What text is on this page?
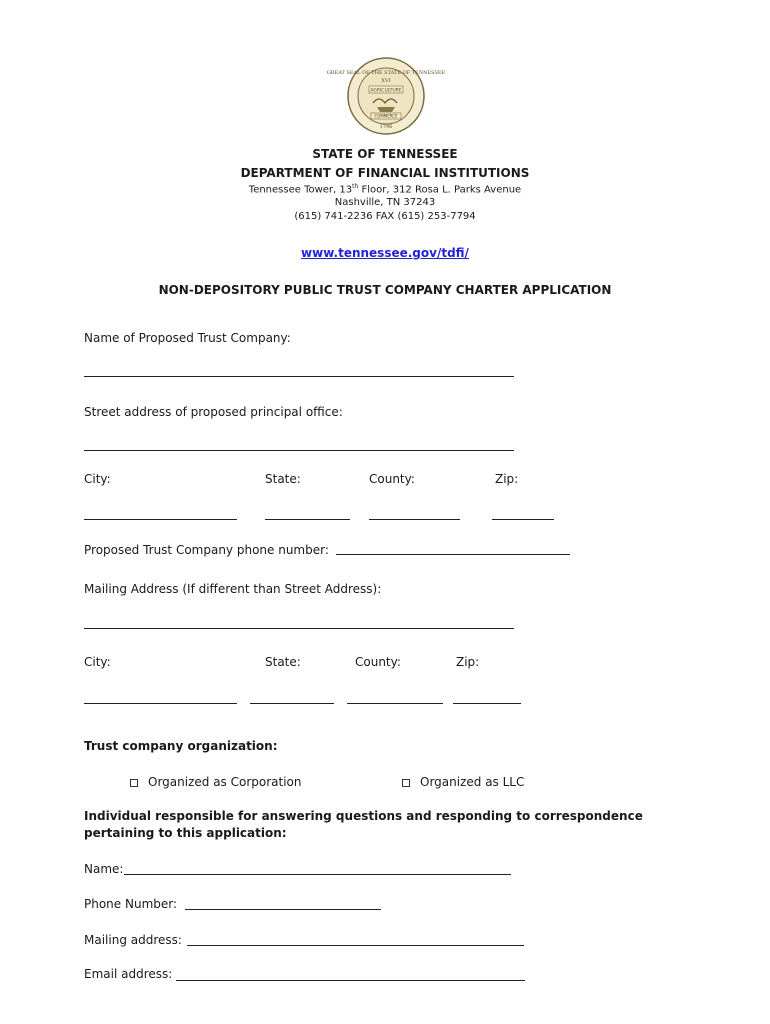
GREAT SEAL OF THE STATE OF TENNESSEE
XVI
AGRICULTURE
COMMERCE
1796
STATE OF TENNESSEE
DEPARTMENT OF FINANCIAL INSTITUTIONS
Tennessee Tower, 13th Floor, 312 Rosa L. Parks Avenue
Nashville, TN 37243
(615) 741-2236 FAX (615) 253-7794
www.tennessee.gov/tdfi/
NON-DEPOSITORY PUBLIC TRUST COMPANY CHARTER APPLICATION
Name of Proposed Trust Company:
Street address of proposed principal office:
City:	State:	County:	Zip:
Proposed Trust Company phone number:
Mailing Address (If different than Street Address):
City:	State:	County:	Zip:
Trust company organization:
Organized as Corporation	Organized as LLC
Individual responsible for answering questions and responding to correspondence pertaining to this application:
Name:
Phone Number:
Mailing address:
Email address:
